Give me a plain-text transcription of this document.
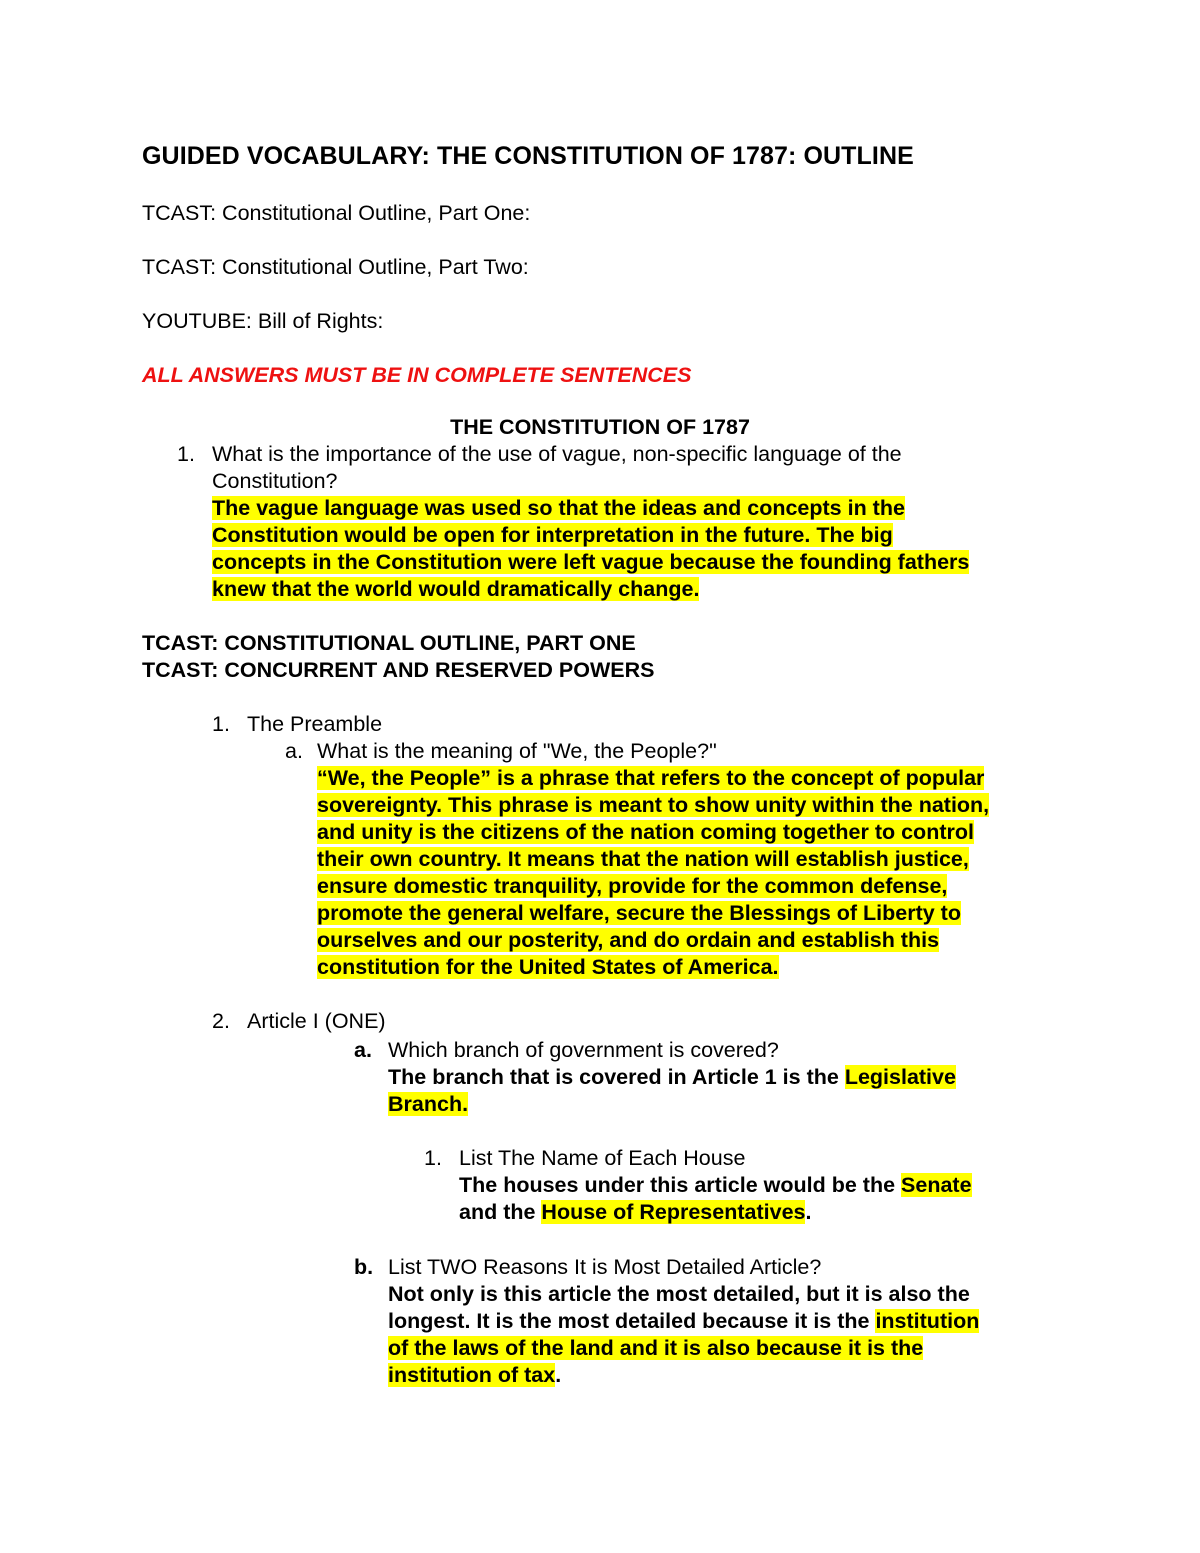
GUIDED VOCABULARY: THE CONSTITUTION OF 1787: OUTLINE
TCAST: Constitutional Outline, Part One:
TCAST: Constitutional Outline, Part Two:
YOUTUBE: Bill of Rights:
ALL ANSWERS MUST BE IN COMPLETE SENTENCES
THE CONSTITUTION OF 1787
1. What is the importance of the use of vague, non-specific language of the
Constitution?
The vague language was used so that the ideas and concepts in the
Constitution would be open for interpretation in the future. The big
concepts in the Constitution were left vague because the founding fathers
knew that the world would dramatically change.
TCAST: CONSTITUTIONAL OUTLINE, PART ONE
TCAST: CONCURRENT AND RESERVED POWERS
1. The Preamble
a. What is the meaning of "We, the People?"
“We, the People” is a phrase that refers to the concept of popular
sovereignty. This phrase is meant to show unity within the nation,
and unity is the citizens of the nation coming together to control
their own country. It means that the nation will establish justice,
ensure domestic tranquility, provide for the common defense,
promote the general welfare, secure the Blessings of Liberty to
ourselves and our posterity, and do ordain and establish this
constitution for the United States of America.
2. Article I (ONE)
a. Which branch of government is covered?
The branch that is covered in Article 1 is the Legislative
Branch.
1. List The Name of Each House
The houses under this article would be the Senate
and the House of Representatives.
b. List TWO Reasons It is Most Detailed Article?
Not only is this article the most detailed, but it is also the
longest. It is the most detailed because it is the institution
of the laws of the land and it is also because it is the
institution of tax.
